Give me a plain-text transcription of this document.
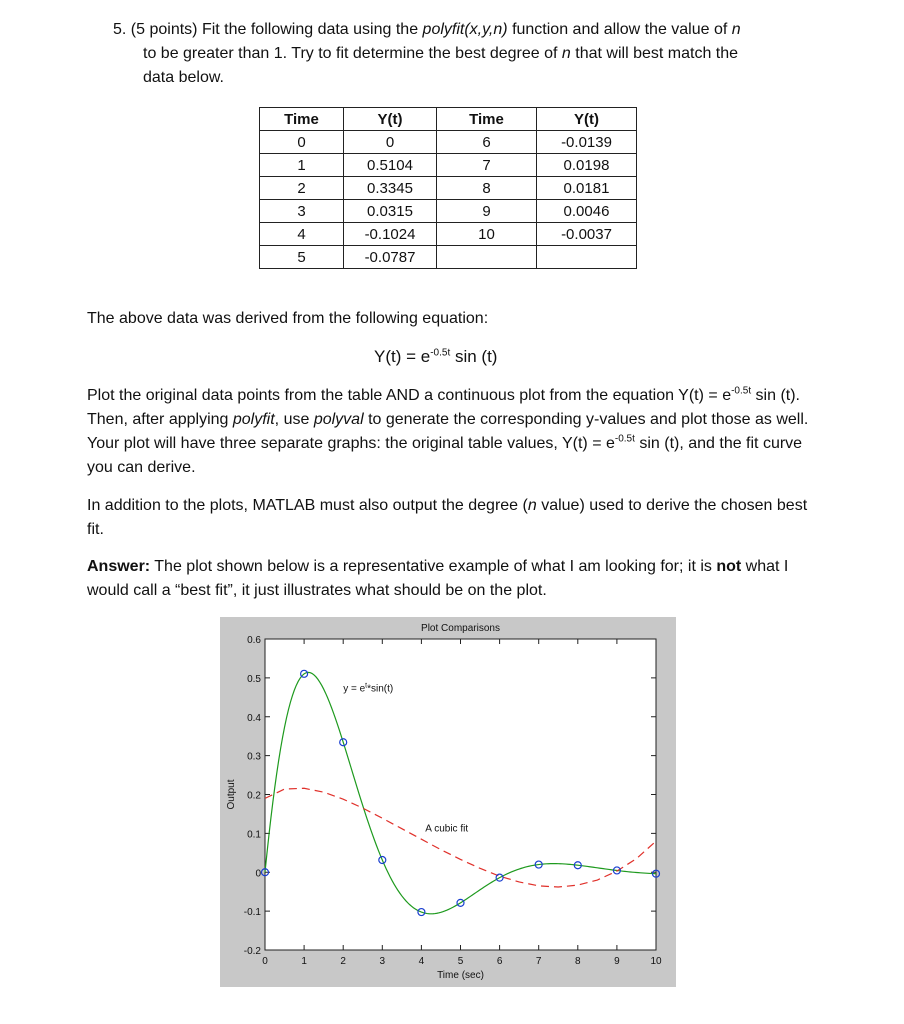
5. (5 points) Fit the following data using the polyfit(x,y,n) function and allow the value of n
to be greater than 1. Try to fit determine the best degree of n that will best match the
data below.
Time	Y(t)	Time	Y(t)
0	0	6	-0.0139
1	0.5104	7	0.0198
2	0.3345	8	0.0181
3	0.0315	9	0.0046
4	-0.1024	10	-0.0037
5	-0.0787		
The above data was derived from the following equation:
$Y(t) = e^{-0.5t}$ sin (t)
Plot the original data points from the table AND a continuous plot from the equation $Y(t) = e^{-0.5t}$ sin (t). Then, after applying polyfit, use polyval to generate the corresponding y-values and plot those as well. Your plot will have three separate graphs: the original table values, $Y(t) = e^{-0.5t}$ sin (t), and the fit curve you can derive.
In addition to the plots, MATLAB must also output the degree (n value) used to derive the chosen best fit.
Answer: The plot shown below is a representative example of what I am looking for; it is not what I would call a “best fit”, it just illustrates what should be on the plot.
0	1	2	3	4	5	6	7	8	9	10
-0.2
-0.1
0
0.1
0.2
0.3
0.4
0.5
0.6
Plot Comparisons
Time (sec)
Output
$y = e^t*\sin(t)$
A cubic fit
